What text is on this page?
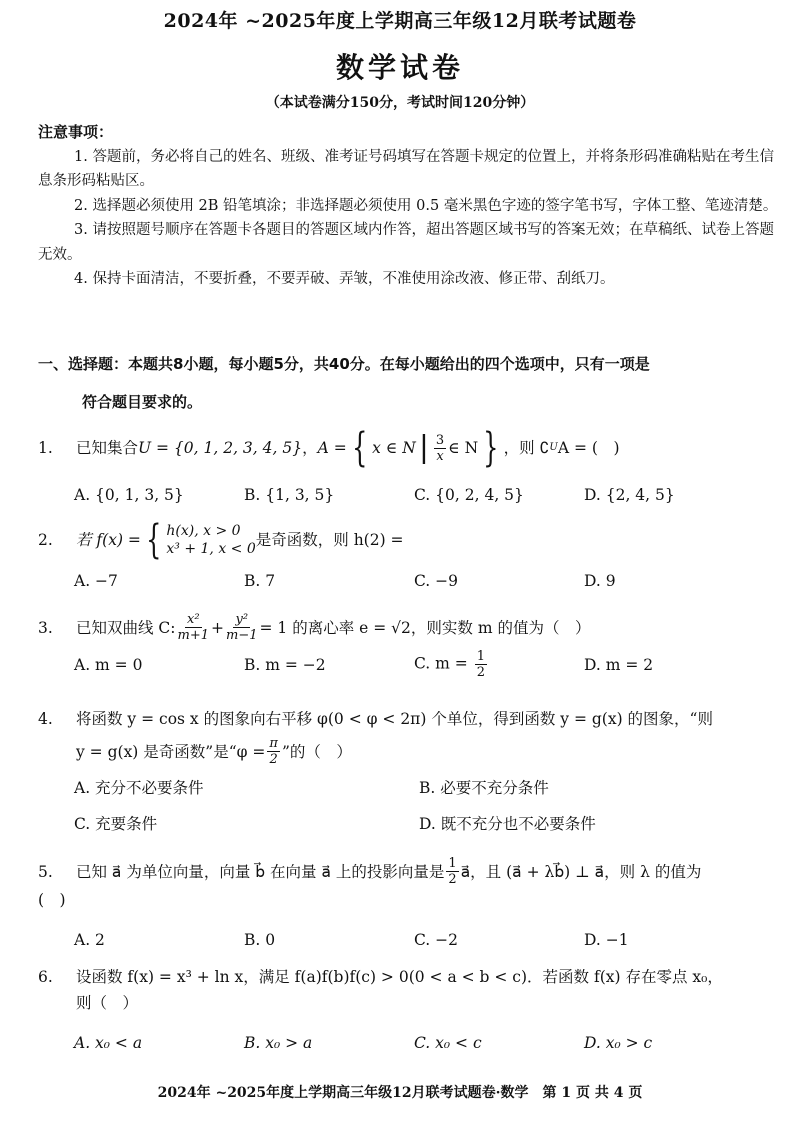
2024年 ~2025年度上学期高三年级12月联考试题卷
数学试卷
（本试卷满分150分，考试时间120分钟）

注意事项：

1. 答题前，务必将自己的姓名、班级、准考证号码填写在答题卡规定的位置上，并将条形码准确粘贴在考生信息条形码粘贴区。

2. 选择题必须使用 2B 铅笔填涂；非选择题必须使用 0.5 毫米黑色字迹的签字笔书写，字体工整、笔迹清楚。

3. 请按照题号顺序在答题卡各题目的答题区域内作答，超出答题区域书写的答案无效；在草稿纸、试卷上答题无效。

4. 保持卡面清洁，不要折叠，不要弄破、弄皱，不准使用涂改液、修正带、刮纸刀。

一、选择题：本题共8小题，每小题5分，共40分。在每小题给出的四个选项中，只有一项是
符合题目要求的。
1.	已知集合 U = {0, 1, 2, 3, 4, 5} ， A = { x ∈ N | $\frac{3}{x}$ ∈ N } ，则 ∁ U A = (　)
A. {0, 1, 3, 5}	B. {1, 3, 5}	C. {0, 2, 4, 5}	D. {2, 4, 5}
2.	若 f(x) = { h(x), x > 0
x³ + 1, x < 0 是奇函数，则 h(2) =
A. −7	B. 7	C. −9	D. 9
3.	已知双曲线 C: $\frac{\text{x²}}{m+1} + \frac{\text{y²}}{m-1} = 1$ 的离心率 e = √2，则实数 m 的值为（　）
A. m = 0	B. m = −2	C. $m = \frac{1}{2}$	D. m = 2
4.	将函数 y = cos x 的图象向右平移 φ(0 < φ < 2π) 个单位，得到函数 y = g(x) 的图象，“则
y = g(x) 是奇函数”是“$\varphi = \frac{\pi}{2}$ ”的（　）
A. 充分不必要条件	B. 必要不充分条件
C. 充要条件	D. 既不充分也不必要条件
5.	已知 a⃗ 为单位向量，向量 b⃗ 在向量 a⃗ 上的投影向量是 $\frac{1}{2}$ a⃗，且 (a⃗ + λb⃗) ⊥ a⃗，则 λ 的值为
(　)
A. 2	B. 0	C. −2	D. −1
6.	设函数 f(x) = x³ + ln x，满足 f(a)f(b)f(c) > 0(0 < a < b < c)．若函数 f(x) 存在零点 x₀，
则（　）
A. x₀ < a	B. x₀ > a	C. x₀ < c	D. x₀ > c
2024年 ~2025年度上学期高三年级12月联考试题卷·数学　第 1 页 共 4 页
